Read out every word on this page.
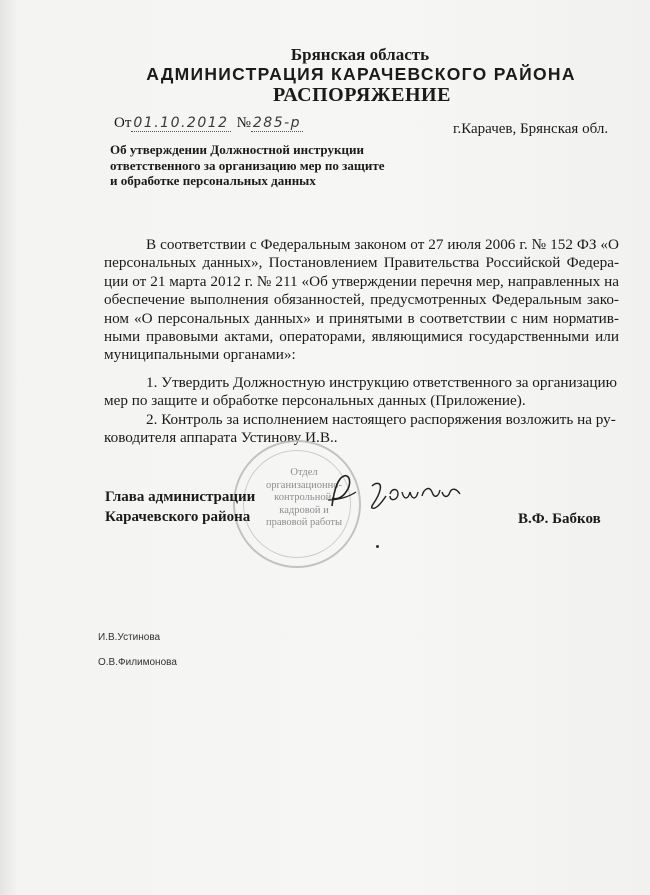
Брянская область
АДМИНИСТРАЦИЯ КАРАЧЕВСКОГО РАЙОНА
РАСПОРЯЖЕНИЕ
От 01.10.2012 № 285-р	г.Карачев, Брянская обл.
Об утверждении Должностной инструкции
ответственного за организацию мер по защите
и обработке персональных данных
В соответствии с Федеральным законом от 27 июля 2006 г. № 152 ФЗ «О
персональных данных», Постановлением Правительства Российской Федера-
ции от 21 марта 2012 г. № 211 «Об утверждении перечня мер, направленных на
обеспечение выполнения обязанностей, предусмотренных Федеральным зако-
ном «О персональных данных» и принятыми в соответствии с ним норматив-
ными правовыми актами, операторами, являющимися государственными или
муниципальными органами»:
1. Утвердить Должностную инструкцию ответственного за организацию
мер по защите и обработке персональных данных (Приложение).
2. Контроль за исполнением настоящего распоряжения возложить на ру-
ководителя аппарата Устинову И.В..
Отдел
организационно-
контрольной,
кадровой и
правовой работы
Глава администрации
Карачевского района	В.Ф. Бабков
И.В.Устинова
О.В.Филимонова
